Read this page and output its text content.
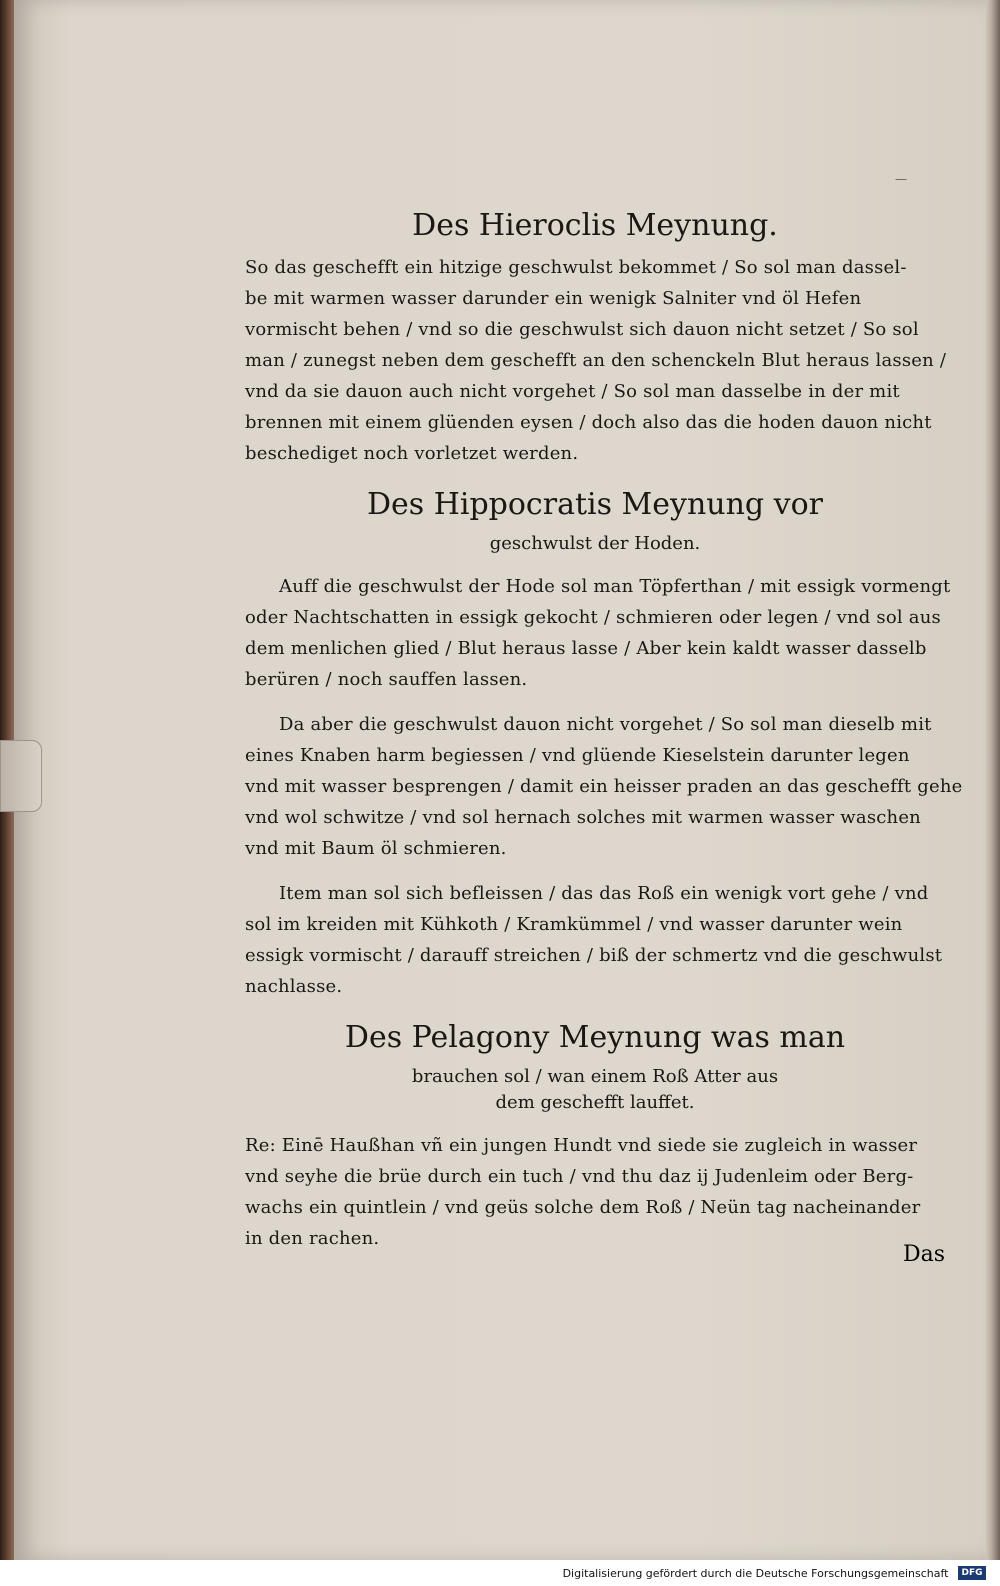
—
Des Hieroclis Meynung.
So das geschefft ein hitzige geschwulst bekommet / So sol man dassel-
be mit warmen wasser darunder ein wenigk Salniter vnd öl Hefen
vormischt behen / vnd so die geschwulst sich dauon nicht setzet / So sol
man / zunegst neben dem geschefft an den schenckeln Blut heraus lassen /
vnd da sie dauon auch nicht vorgehet / So sol man dasselbe in der mit
brennen mit einem glüenden eysen / doch also das die hoden dauon nicht
beschediget noch vorletzet werden.
Des Hippocratis Meynung vor
geschwulst der Hoden.
Auff die geschwulst der Hode sol man Töpferthan / mit essigk vormengt
oder Nachtschatten in essigk gekocht / schmieren oder legen / vnd sol aus
dem menlichen glied / Blut heraus lasse / Aber kein kaldt wasser dasselb
berüren / noch sauffen lassen.
Da aber die geschwulst dauon nicht vorgehet / So sol man dieselb mit
eines Knaben harm begiessen / vnd glüende Kieselstein darunter legen
vnd mit wasser besprengen / damit ein heisser praden an das geschefft gehe
vnd wol schwitze / vnd sol hernach solches mit warmen wasser waschen
vnd mit Baum öl schmieren.
Item man sol sich befleissen / das das Roß ein wenigk vort gehe / vnd
sol im kreiden mit Kühkoth / Kramkümmel / vnd wasser darunter wein
essigk vormischt / darauff streichen / biß der schmertz vnd die geschwulst
nachlasse.
Des Pelagony Meynung was man
brauchen sol / wan einem Roß Atter aus
dem geschefft lauffet.
Re: Einē Haußhan vñ ein jungen Hundt vnd siede sie zugleich in wasser
vnd seyhe die brüe durch ein tuch / vnd thu daz ij Judenleim oder Berg-
wachs ein quintlein / vnd geüs solche dem Roß / Neün tag nacheinander
in den rachen.
Das
Digitalisierung gefördert durch die Deutsche Forschungsgemeinschaft DFG
